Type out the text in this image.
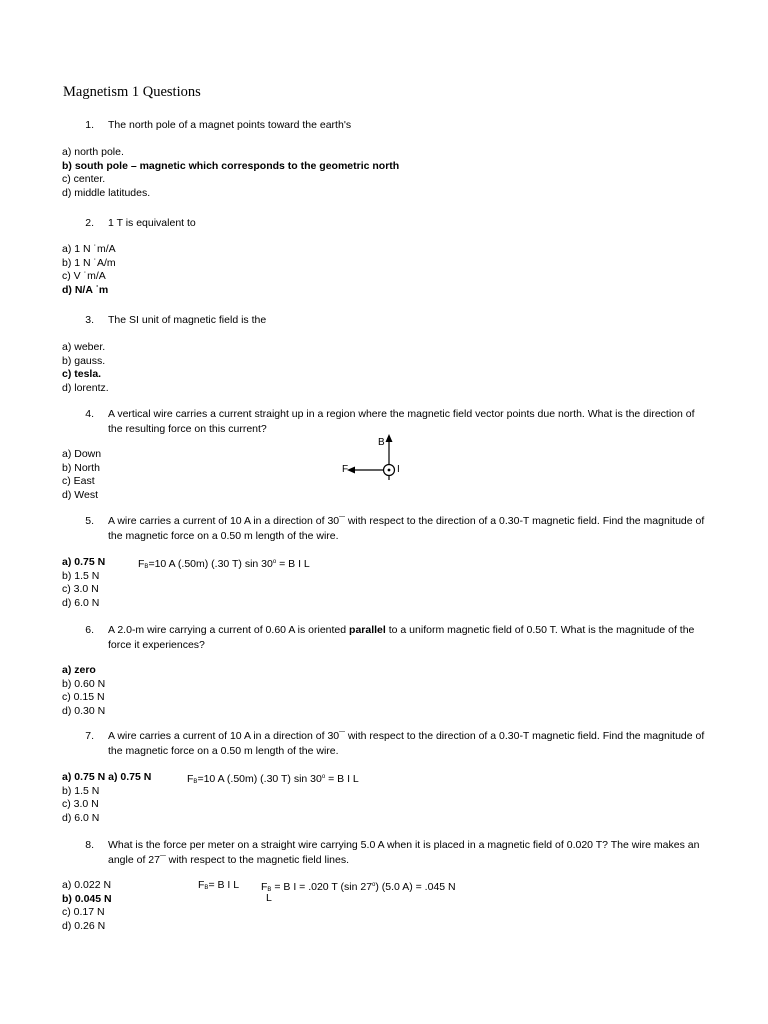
Magnetism 1 Questions
1. The north pole of a magnet points toward the earth's
a) north pole.
b) south pole – magnetic which corresponds to the geometric north
c) center.
d) middle latitudes.
2. 1 T is equivalent to
a) 1 N ˙m/A
b) 1 N ˙A/m
c) V ˙m/A
d) N/A ˙m
3. The SI unit of magnetic field is the
a) weber.
b) gauss.
c) tesla.
d) lorentz.
4. A vertical wire carries a current straight up in a region where the magnetic field vector points due north. What is the direction of the resulting force on this current?
a) Down
b) North
c) East
d) West
B
F	I
5. A wire carries a current of 10 A in a direction of 30¯ with respect to the direction of a 0.30-T magnetic field. Find the magnitude of the magnetic force on a 0.50 m length of the wire.
a) 0.75 N
b) 1.5 N
c) 3.0 N
d) 6.0 N
$F_B=10$ A (.50m) (.30 T) $\sin 30^o = B$ I L
6. A 2.0-m wire carrying a current of 0.60 A is oriented parallel to a uniform magnetic field of 0.50 T. What is the magnitude of the force it experiences?
a) zero
b) 0.60 N
c) 0.15 N
d) 0.30 N
7. A wire carries a current of 10 A in a direction of 30¯ with respect to the direction of a 0.30-T magnetic field. Find the magnitude of the magnetic force on a 0.50 m length of the wire.
a) 0.75 N a) 0.75 N
b) 1.5 N
c) 3.0 N
d) 6.0 N
$F_B=10$ A (.50m) (.30 T) $\sin 30^o = B$ I L
8. What is the force per meter on a straight wire carrying 5.0 A when it is placed in a magnetic field of 0.020 T? The wire makes an angle of 27¯ with respect to the magnetic field lines.
a) 0.022 N
b) 0.045 N
c) 0.17 N
d) 0.26 N
$F_B= B$ I L $F_B = B$ I = .020 T (sin 27$^o$) (5.0 A) = .045 N
L
